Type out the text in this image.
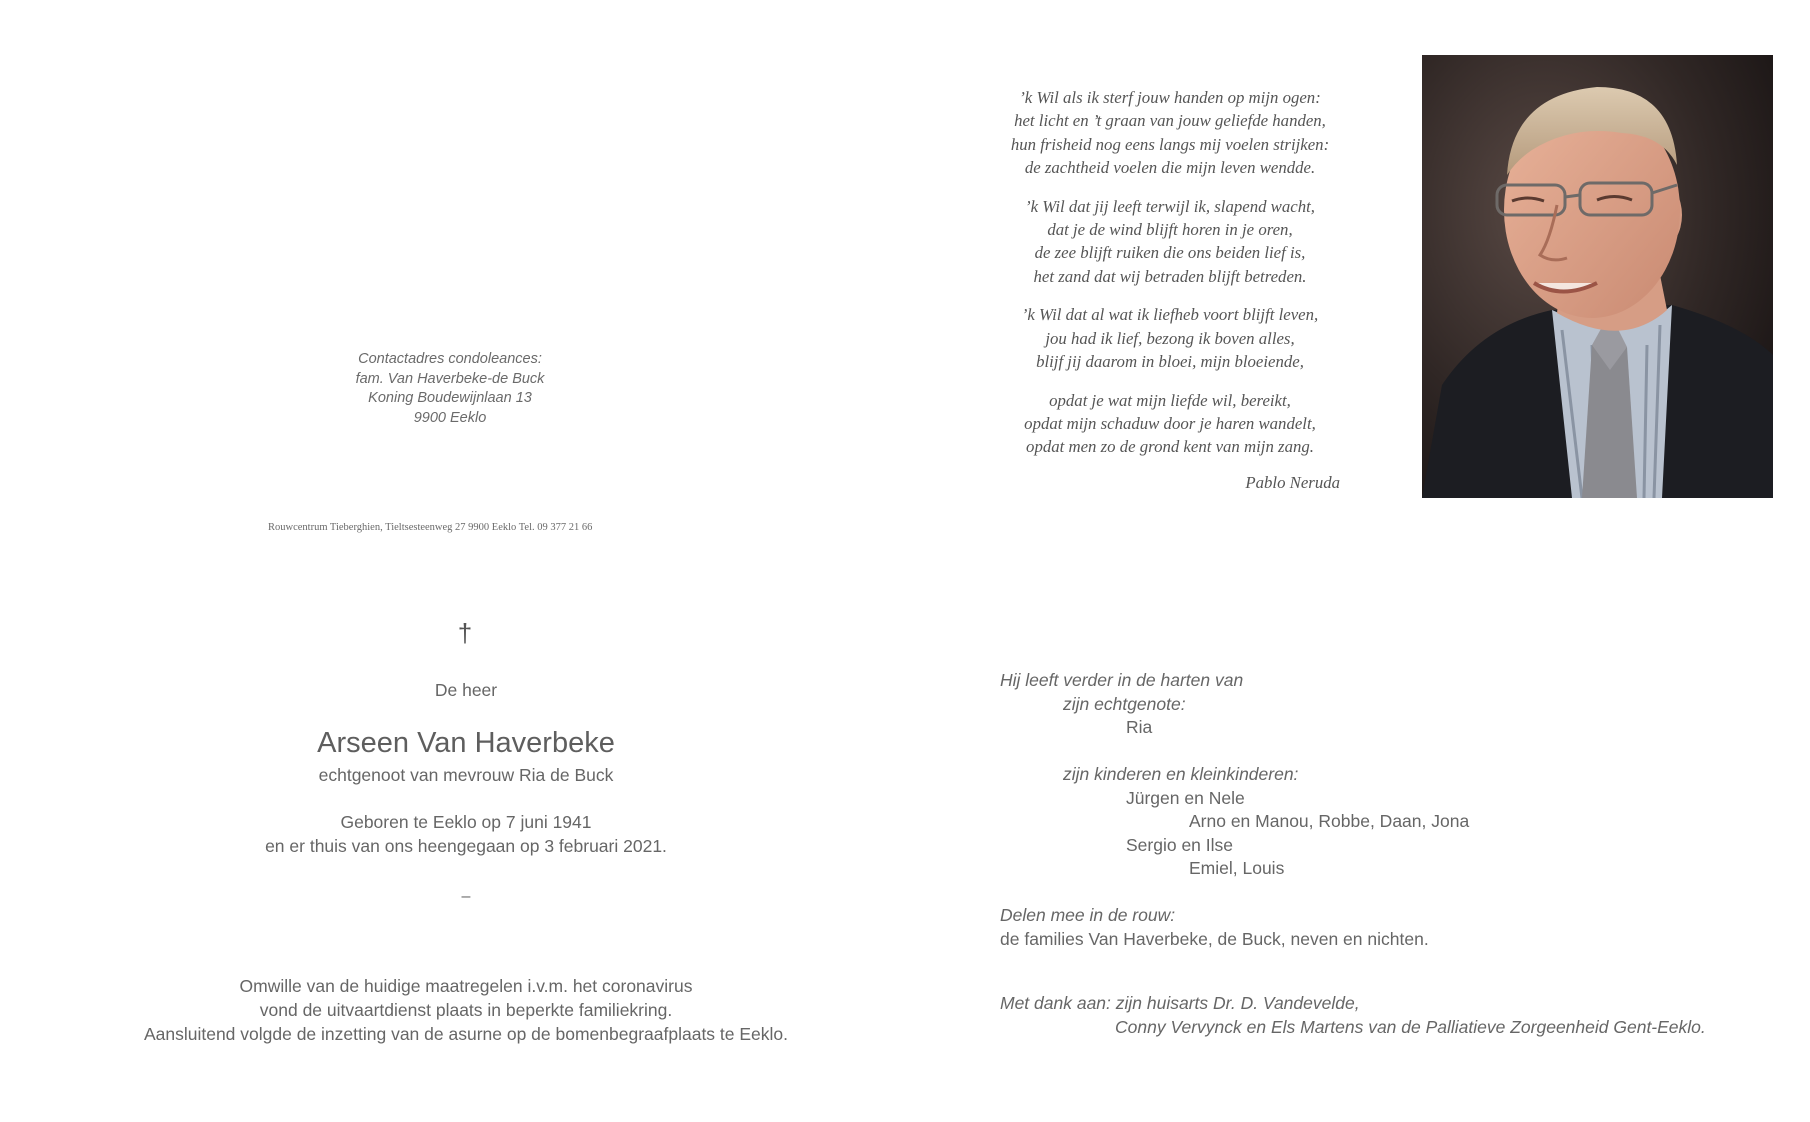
Contactadres condoleances:
fam. Van Haverbeke-de Buck
Koning Boudewijnlaan 13
9900 Eeklo
Rouwcentrum Tieberghien, Tieltsesteenweg 27 9900 Eeklo Tel. 09 377 21 66
’k Wil als ik sterf jouw handen op mijn ogen:
het licht en ’t graan van jouw geliefde handen,
hun frisheid nog eens langs mij voelen strijken:
de zachtheid voelen die mijn leven wendde.
’k Wil dat jij leeft terwijl ik, slapend wacht,
dat je de wind blijft horen in je oren,
de zee blijft ruiken die ons beiden lief is,
het zand dat wij betraden blijft betreden.
’k Wil dat al wat ik liefheb voort blijft leven,
jou had ik lief, bezong ik boven alles,
blijf jij daarom in bloei, mijn bloeiende,
opdat je wat mijn liefde wil, bereikt,
opdat mijn schaduw door je haren wandelt,
opdat men zo de grond kent van mijn zang.
Pablo Neruda
†
De heer
Arseen Van Haverbeke
echtgenoot van mevrouw Ria de Buck
Geboren te Eeklo op 7 juni 1941
en er thuis van ons heengegaan op 3 februari 2021.
–
Omwille van de huidige maatregelen i.v.m. het coronavirus
vond de uitvaartdienst plaats in beperkte familiekring.
Aansluitend volgde de inzetting van de asurne op de bomenbegraafplaats te Eeklo.
Hij leeft verder in de harten van
zijn echtgenote:
Ria
zijn kinderen en kleinkinderen:
Jürgen en Nele
Arno en Manou, Robbe, Daan, Jona
Sergio en Ilse
Emiel, Louis
Delen mee in de rouw:
de families Van Haverbeke, de Buck, neven en nichten.
Met dank aan: zijn huisarts Dr. D. Vandevelde,
Conny Vervynck en Els Martens van de Palliatieve Zorgeenheid Gent-Eeklo.
